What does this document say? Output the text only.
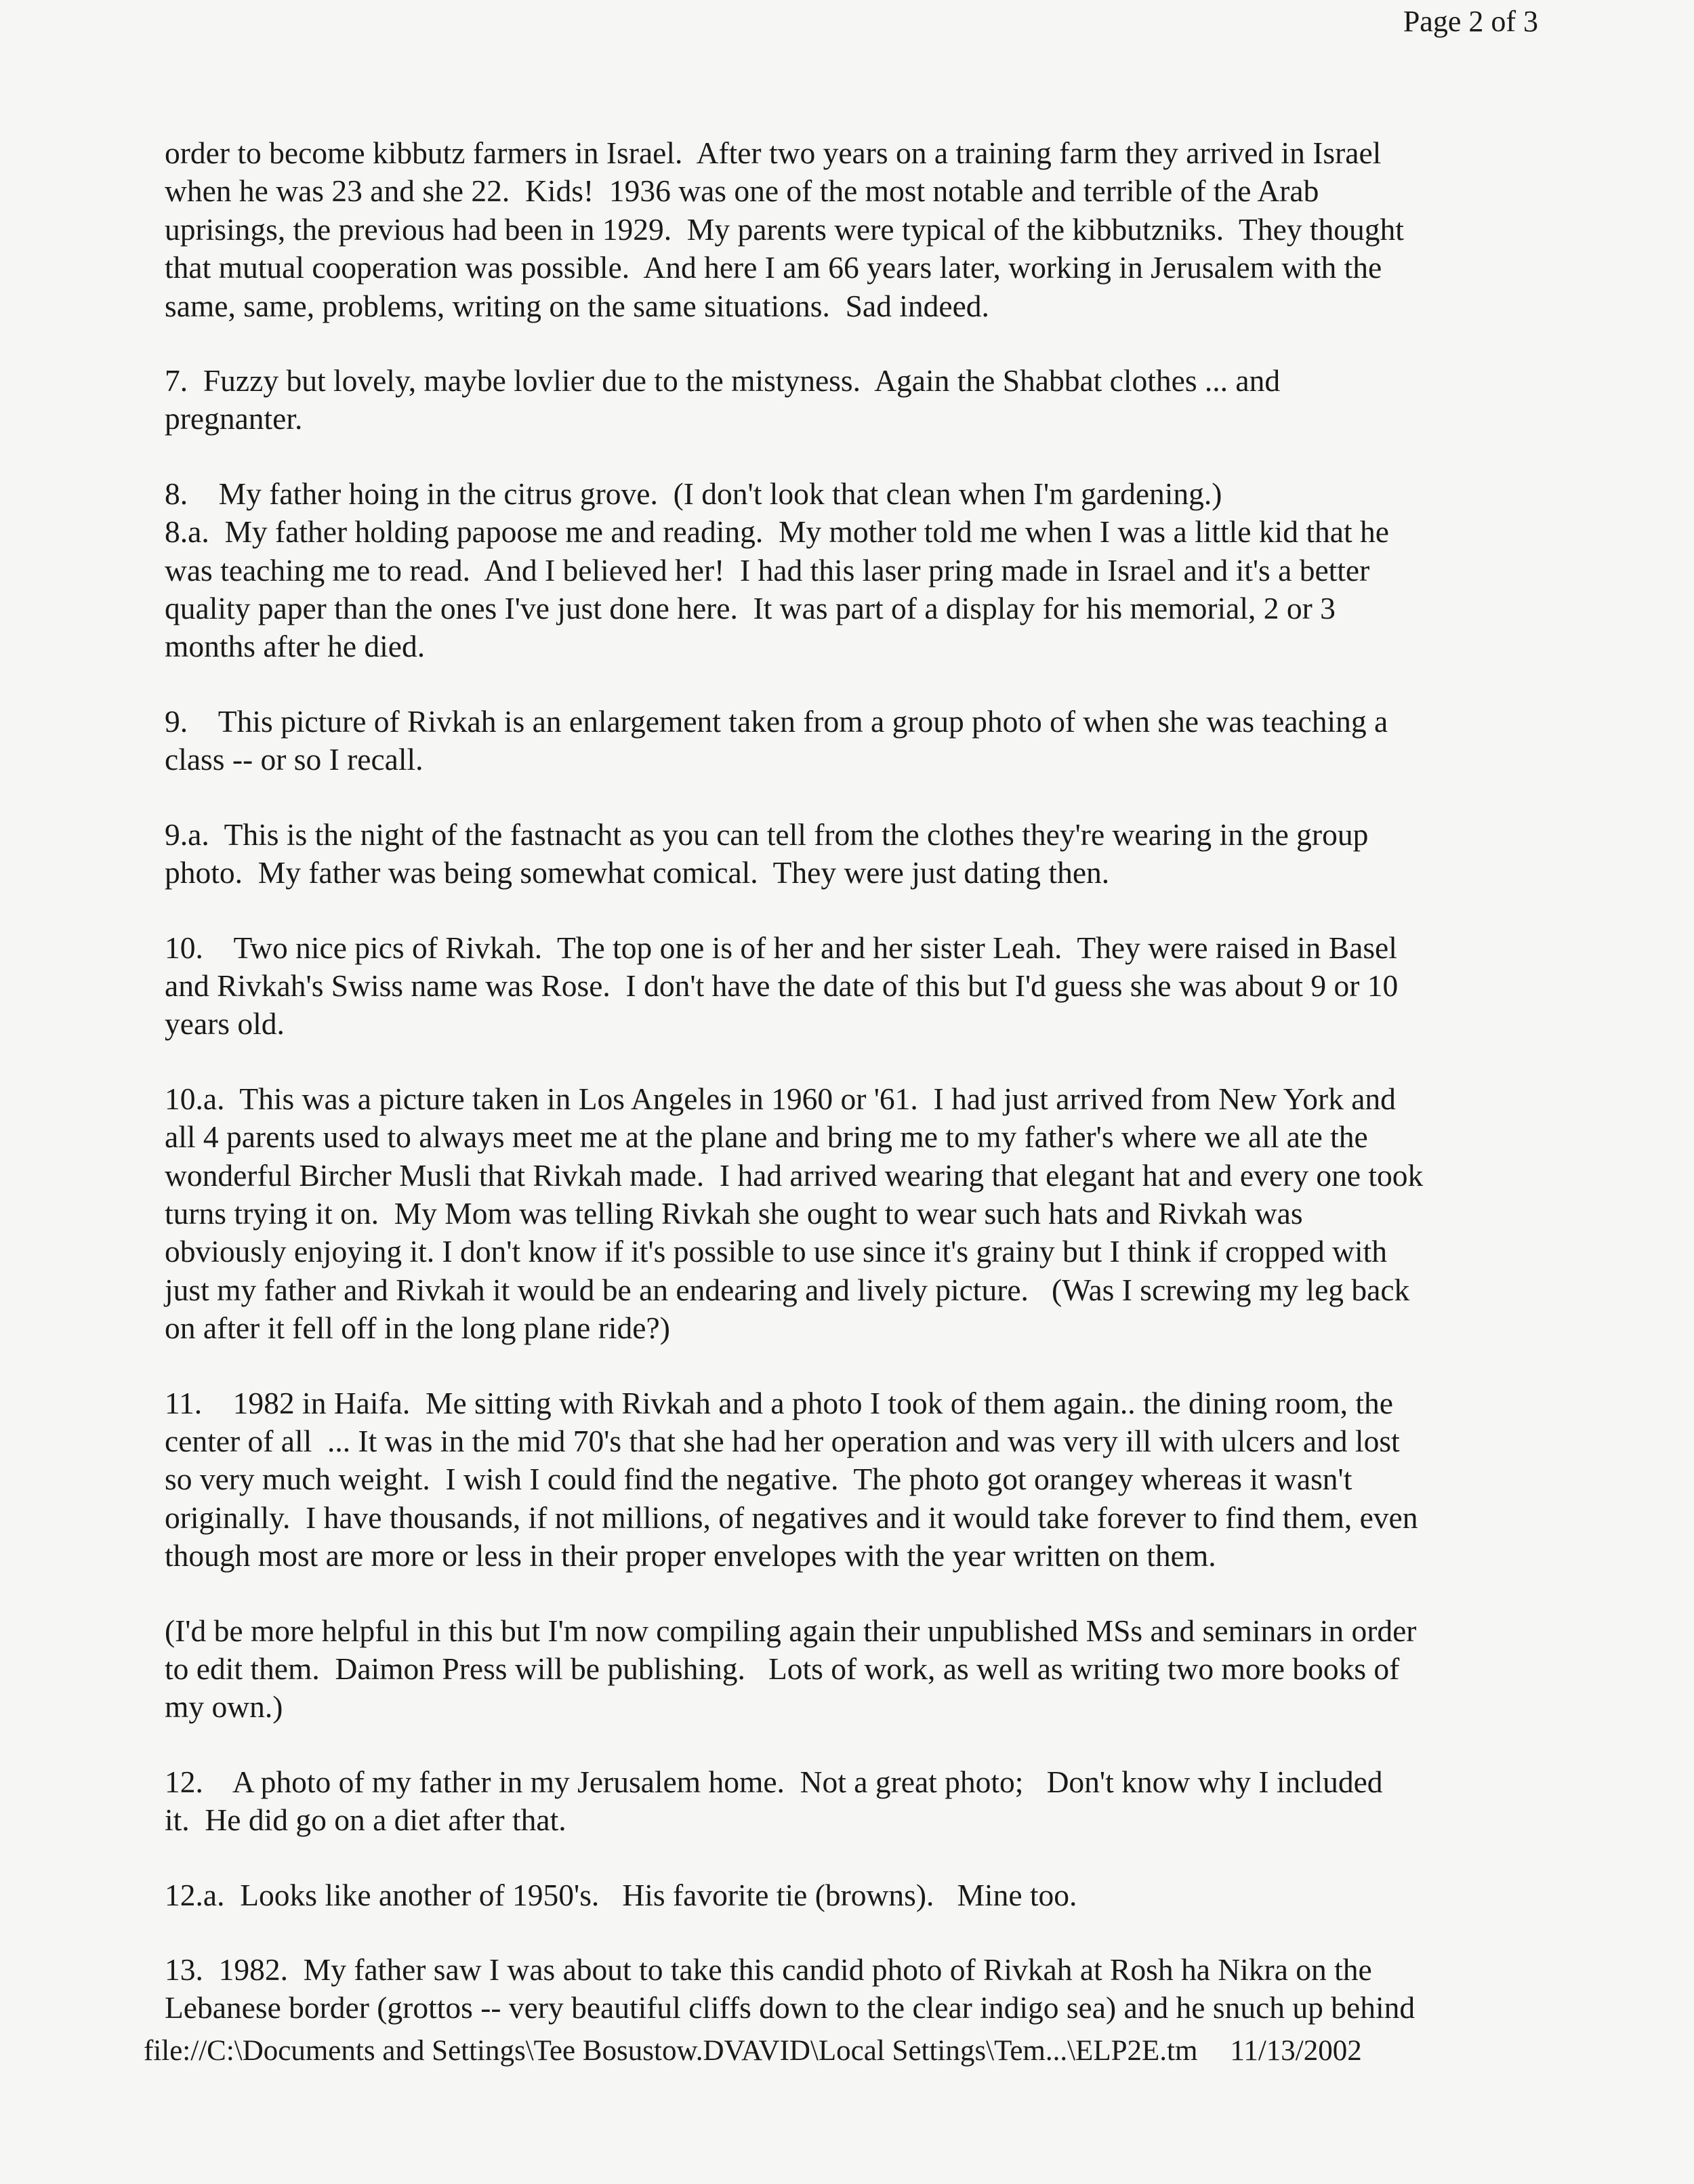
Page 2 of 3
order to become kibbutz farmers in Israel.  After two years on a training farm they arrived in Israel
when he was 23 and she 22.  Kids!  1936 was one of the most notable and terrible of the Arab
uprisings, the previous had been in 1929.  My parents were typical of the kibbutzniks.  They thought
that mutual cooperation was possible.  And here I am 66 years later, working in Jerusalem with the
same, same, problems, writing on the same situations.  Sad indeed.
7.  Fuzzy but lovely, maybe lovlier due to the mistyness.  Again the Shabbat clothes ... and
pregnanter.
8.    My father hoing in the citrus grove.  (I don't look that clean when I'm gardening.)
8.a.  My father holding papoose me and reading.  My mother told me when I was a little kid that he
was teaching me to read.  And I believed her!  I had this laser pring made in Israel and it's a better
quality paper than the ones I've just done here.  It was part of a display for his memorial, 2 or 3
months after he died.
9.    This picture of Rivkah is an enlargement taken from a group photo of when she was teaching a
class -- or so I recall.
9.a.  This is the night of the fastnacht as you can tell from the clothes they're wearing in the group
photo.  My father was being somewhat comical.  They were just dating then.
10.    Two nice pics of Rivkah.  The top one is of her and her sister Leah.  They were raised in Basel
and Rivkah's Swiss name was Rose.  I don't have the date of this but I'd guess she was about 9 or 10
years old.
10.a.  This was a picture taken in Los Angeles in 1960 or '61.  I had just arrived from New York and
all 4 parents used to always meet me at the plane and bring me to my father's where we all ate the
wonderful Bircher Musli that Rivkah made.  I had arrived wearing that elegant hat and every one took
turns trying it on.  My Mom was telling Rivkah she ought to wear such hats and Rivkah was
obviously enjoying it. I don't know if it's possible to use since it's grainy but I think if cropped with
just my father and Rivkah it would be an endearing and lively picture.   (Was I screwing my leg back
on after it fell off in the long plane ride?)
11.    1982 in Haifa.  Me sitting with Rivkah and a photo I took of them again.. the dining room, the
center of all  ... It was in the mid 70's that she had her operation and was very ill with ulcers and lost
so very much weight.  I wish I could find the negative.  The photo got orangey whereas it wasn't
originally.  I have thousands, if not millions, of negatives and it would take forever to find them, even
though most are more or less in their proper envelopes with the year written on them.
(I'd be more helpful in this but I'm now compiling again their unpublished MSs and seminars in order
to edit them.  Daimon Press will be publishing.   Lots of work, as well as writing two more books of
my own.)
12.    A photo of my father in my Jerusalem home.  Not a great photo;   Don't know why I included
it.  He did go on a diet after that.
12.a.  Looks like another of 1950's.   His favorite tie (browns).   Mine too.
13.  1982.  My father saw I was about to take this candid photo of Rivkah at Rosh ha Nikra on the
Lebanese border (grottos -- very beautiful cliffs down to the clear indigo sea) and he snuch up behind
file://C:\Documents and Settings\Tee Bosustow.DVAVID\Local Settings\Tem...\ELP2E.tm 11/13/2002
